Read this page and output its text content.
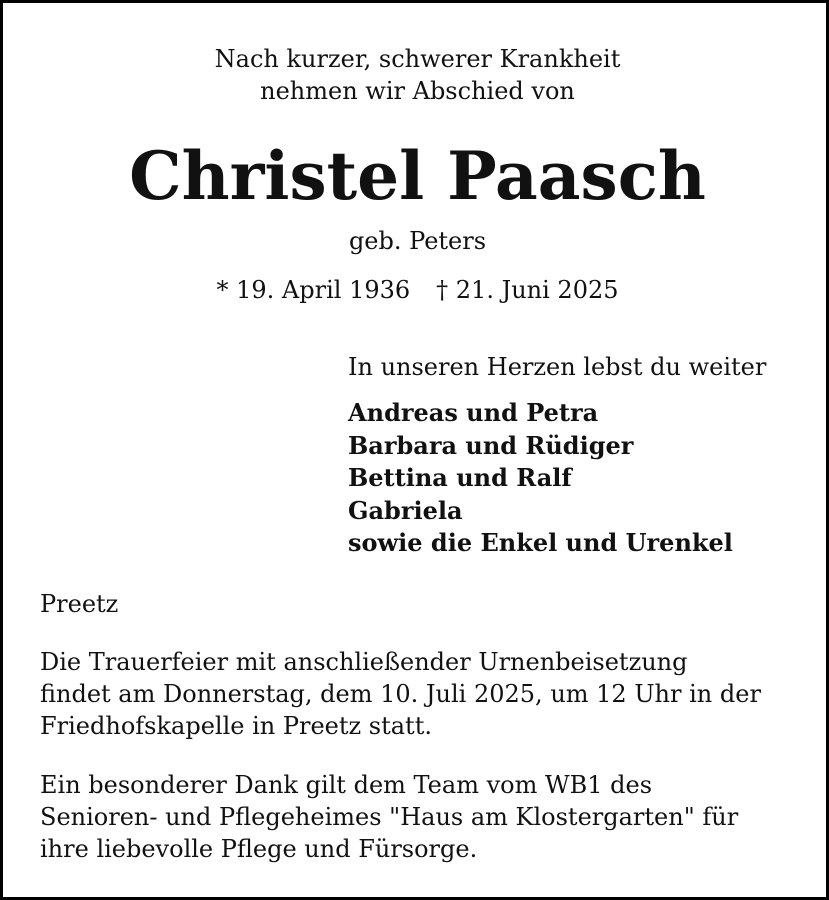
Nach kurzer, schwerer Krankheit
nehmen wir Abschied von
Christel Paasch
geb. Peters
* 19. April 1936 † 21. Juni 2025
In unseren Herzen lebst du weiter
Andreas und Petra
Barbara und Rüdiger
Bettina und Ralf
Gabriela
sowie die Enkel und Urenkel
Preetz
Die Trauerfeier mit anschließender Urnenbeisetzung
findet am Donnerstag, dem 10. Juli 2025, um 12 Uhr in der
Friedhofskapelle in Preetz statt.
Ein besonderer Dank gilt dem Team vom WB1 des
Senioren- und Pflegeheimes "Haus am Klostergarten" für
ihre liebevolle Pflege und Fürsorge.
